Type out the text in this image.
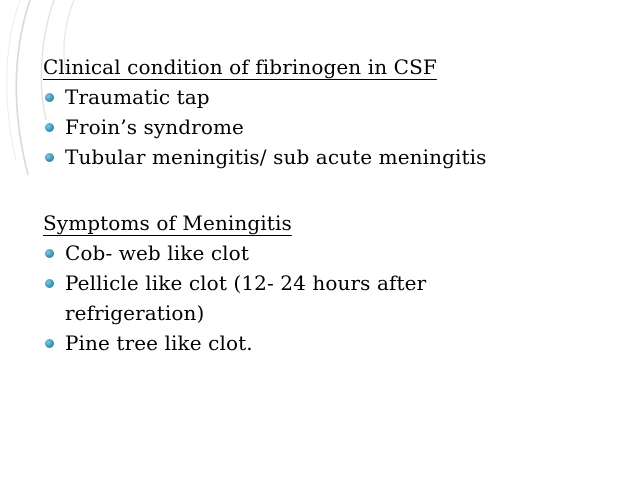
Clinical condition of fibrinogen in CSF
Traumatic tap
Froin’s syndrome
Tubular meningitis/ sub acute meningitis
Symptoms of Meningitis
Cob- web like clot
Pellicle like clot (12- 24 hours after refrigeration)
Pine tree like clot.
